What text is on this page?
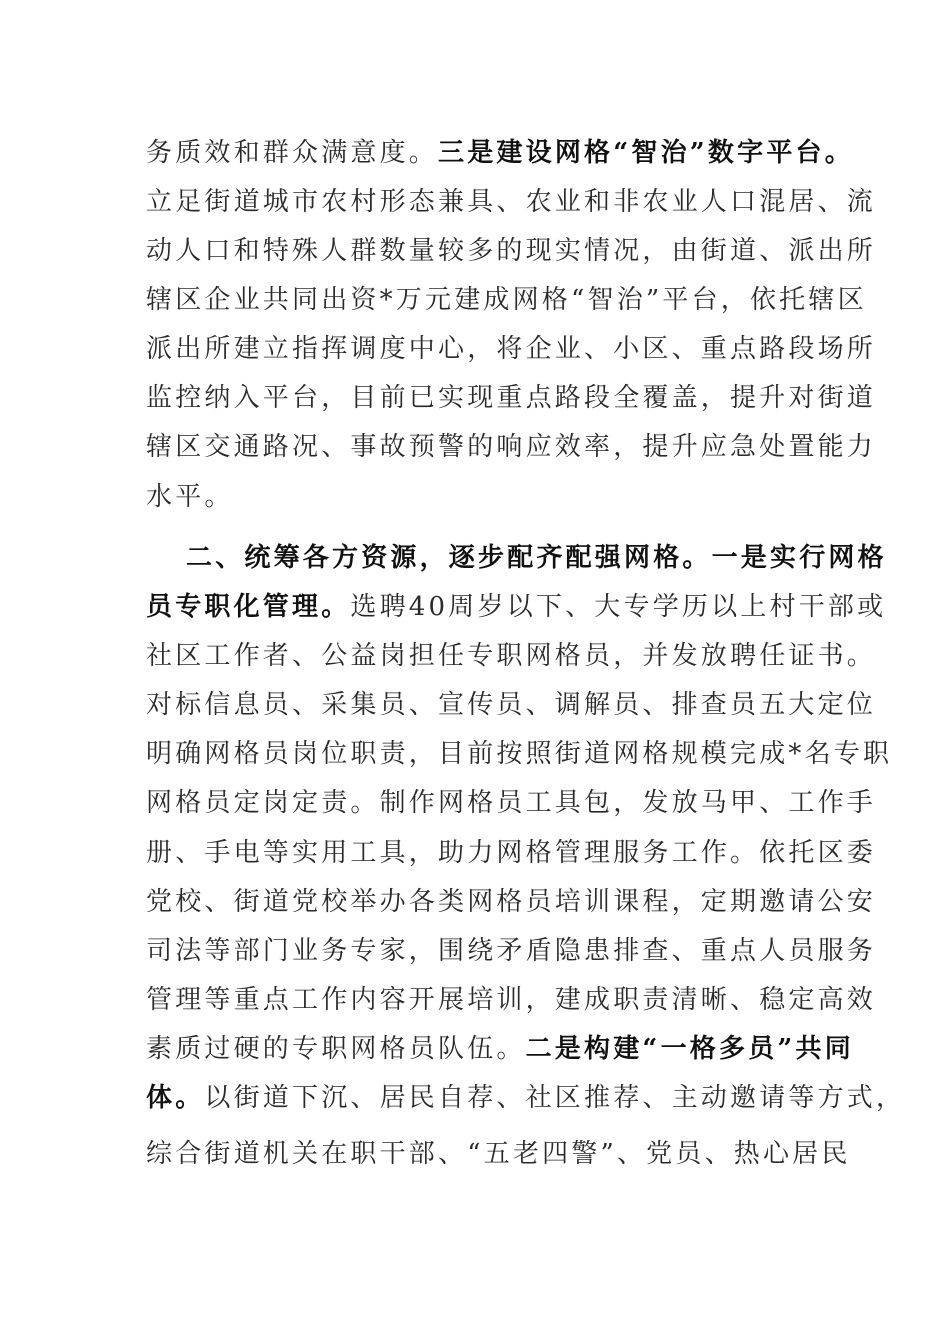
务质效和群众满意度。三是建设网格“智治”数字平台。
立足街道城市农村形态兼具、农业和非农业人口混居、流
动人口和特殊人群数量较多的现实情况，由街道、派出所
辖区企业共同出资*万元建成网格“智治”平台，依托辖区
派出所建立指挥调度中心，将企业、小区、重点路段场所
监控纳入平台，目前已实现重点路段全覆盖，提升对街道
辖区交通路况、事故预警的响应效率，提升应急处置能力
水平。
二、统筹各方资源，逐步配齐配强网格。一是实行网格
员专职化管理。选聘40周岁以下、大专学历以上村干部或
社区工作者、公益岗担任专职网格员，并发放聘任证书。
对标信息员、采集员、宣传员、调解员、排查员五大定位
明确网格员岗位职责，目前按照街道网格规模完成*名专职
网格员定岗定责。制作网格员工具包，发放马甲、工作手
册、手电等实用工具，助力网格管理服务工作。依托区委
党校、街道党校举办各类网格员培训课程，定期邀请公安
司法等部门业务专家，围绕矛盾隐患排查、重点人员服务
管理等重点工作内容开展培训，建成职责清晰、稳定高效
素质过硬的专职网格员队伍。二是构建“一格多员”共同
体。以街道下沉、居民自荐、社区推荐、主动邀请等方式，
综合街道机关在职干部、“五老四警”、党员、热心居民
